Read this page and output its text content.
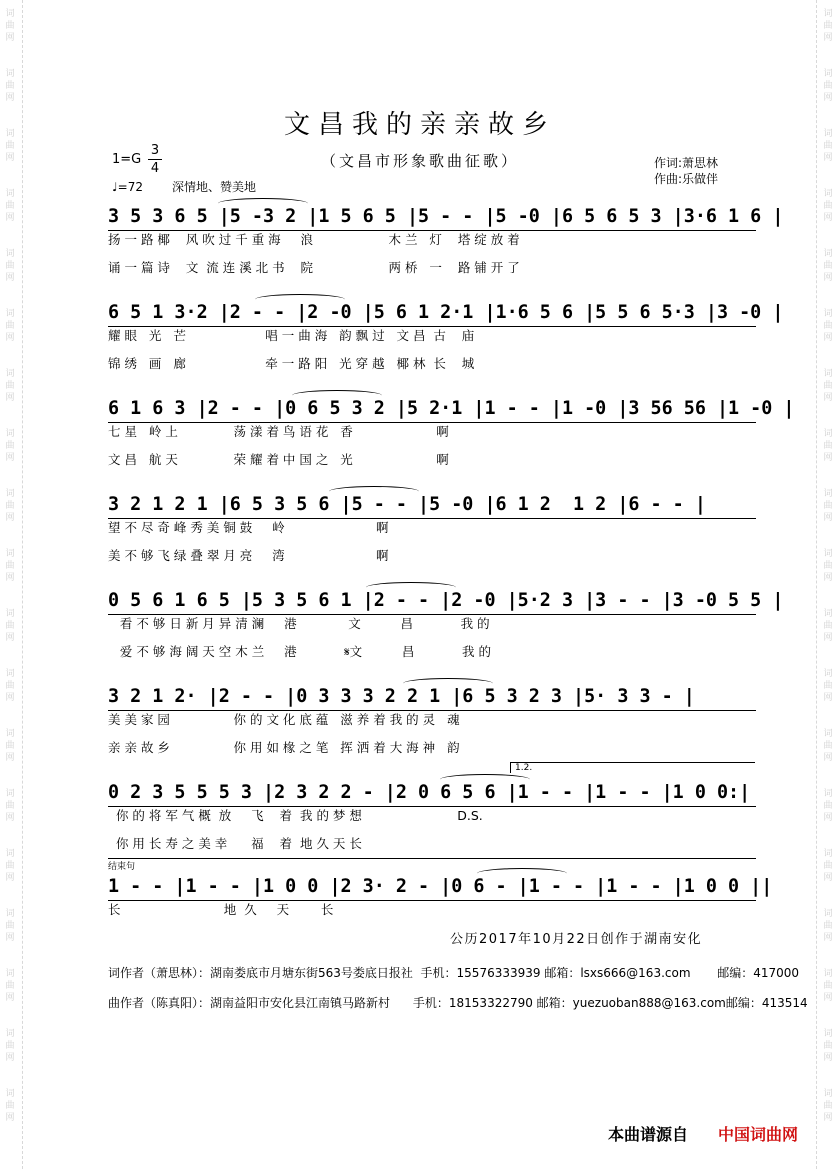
词曲网
词曲网
词曲网
词曲网
词曲网
词曲网
词曲网
词曲网
词曲网
词曲网
词曲网
词曲网
词曲网
词曲网
词曲网
词曲网
词曲网
词曲网
词曲网
词曲网
词曲网
词曲网
词曲网
词曲网
词曲网
词曲网
词曲网
词曲网
词曲网
词曲网
词曲网
词曲网
词曲网
词曲网
词曲网
词曲网
词曲网
词曲网
文昌我的亲亲故乡
（文昌市形象歌曲征歌）
1=G
3
4
♩=72 深情地、赞美地
作词:萧思林
作曲:乐做伴
3 5 3 6 5 |5 -3 2 |1 5 6 5 |5 - - |5 -0 |6 5 6 5 3 |3·6 1 6 |
扬 一 路 椰    风 吹 过 千 重 海     浪                   木 兰   灯    塔 绽 放 着
诵 一 篇 诗    文  流 连 溪 北 书    院                   两 桥   一    路 铺 开 了
6 5 1 3·2 |2 - - |2 -0 |5 6 1 2·1 |1·6 5 6 |5 5 6 5·3 |3 -0 |
耀 眼   光   芒                    唱 一 曲 海   韵 飘 过   文 昌  古    庙
锦 绣   画   廊                    牵 一 路 阳   光 穿 越   椰 林  长    城
6 1 6 3 |2 - - |0 6 5 3 2 |5 2·1 |1 - - |1 -0 |3 56 56 |1 -0 |
七 星   岭 上              荡 漾 着 鸟 语 花   香                     啊
文 昌   航 天              荣 耀 着 中 国 之   光                     啊
3 2 1 2 1 |6 5 3 5 6 |5 - - |5 -0 |6 1 2  1 2 |6 - - |
望 不 尽 奇 峰 秀 美 铜 鼓     岭                       啊
美 不 够 飞 绿 叠 翠 月 亮     湾                       啊
0 5 6 1 6 5 |5 3 5 6 1 |2 - - |2 -0 |5·2 3 |3 - - |3 -0 5 5 |
看 不 够 日 新 月 异 清 澜     港             文          昌            我 的
爱 不 够 海 阔 天 空 木 兰     港            𝄋文          昌            我 的
3 2 1 2· |2 - - |0 3 3 3 2 2 1 |6 5 3 2 3 |5· 3 3 - |
美 美 家 园                你 的 文 化 底 蕴   滋 养 着 我 的 灵   魂
亲 亲 故 乡                你 用 如 椽 之 笔   挥 洒 着 大 海 神   韵
0 2 3 5 5 5 3 |2 3 2 2 - |2 0 6 5 6 |1 - - |1 - - |1 0 0:|
你 的 将 军 气 概  放     飞    着  我 的 梦 想                        D.S.
你 用 长 寿 之 美 幸      福    着  地 久 天 长
1 - - |1 - - |1 0 0 |2 3· 2 - |0 6 - |1 - - |1 - - |1 0 0 ||
长                          地  久     天        长
1.2.
结束句
公历2017年10月22日创作于湖南安化
词作者（萧思林）：湖南娄底市月塘东街563号娄底日报社  手机：15576333939 邮箱：lsxs666@163.com       邮编：417000
曲作者（陈真阳）：湖南益阳市安化县江南镇马路新村      手机：18153322790 邮箱：yuezuoban888@163.com邮编：413514
本曲谱源自 中国词曲网
